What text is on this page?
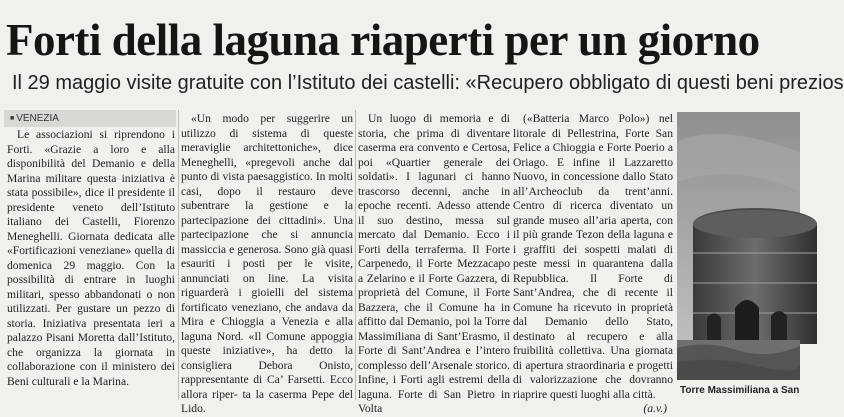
Forti della laguna riaperti per un giorno
Il 29 maggio visite gratuite con l’Istituto dei castelli: «Recupero obbligato di questi beni prezios
■ VENEZIA

Le associazioni si riprendono i Forti. «Grazie a loro e alla disponibilità del Demanio e della Marina militare questa iniziativa è stata possibile», dice il presidente il presidente veneto dell’Istituto italiano dei Castelli, Fiorenzo Meneghelli. Giornata dedicata alle «Fortificazioni veneziane» quella di domenica 29 maggio. Con la possibilità di entrare in luoghi militari, spesso abbandonati o non utilizzati. Per gustare un pezzo di storia. Iniziativa presentata ieri a palazzo Pisani Moretta dall’Istituto, che organizza la giornata in collaborazione con il ministero dei Beni culturali e la Marina.

«Un modo per suggerire un utilizzo di sistema di queste meraviglie architettoniche», dice Meneghelli, «pregevoli anche dal punto di vista paesaggistico. In molti casi, dopo il restauro deve subentrare la gestione e la partecipazione dei cittadini». Una partecipazione che si annuncia massiccia e generosa. Sono già quasi esauriti i posti per le visite, annunciati on line. La visita riguarderà i gioielli del sistema fortificato veneziano, che andava da Mira e Chioggia a Venezia e alla laguna Nord. «Il Comune appoggia queste iniziative», ha detto la consigliera Debora Onisto, rappresentante di Ca’ Farsetti. Ecco allora riper- ta la caserma Pepe del Lido.

Un luogo di memoria e di storia, che prima di diventare caserma era convento e Certosa, poi «Quartier generale dei soldati». I lagunari ci hanno trascorso decenni, anche in epoche recenti. Adesso attende il suo destino, messa sul mercato dal Demanio. Ecco i Forti della terraferma. Il Forte Carpenedo, il Forte Mezzacapo a Zelarino e il Forte Gazzera, di proprietà del Comune, il Forte Bazzera, che il Comune ha in affitto dal Demanio, poi la Torre Massimiliana di Sant’Erasmo, il Forte di Sant’Andrea e l’intero complesso dell’Arsenale storico. Infine, i Forti agli estremi della laguna. Forte di San Pietro in Volta

(«Batteria Marco Polo») nel litorale di Pellestrina, Forte San Felice a Chioggia e Forte Poerio a Oriago. E infine il Lazzaretto Nuovo, in concessione dallo Stato all’Archeoclub da trent’anni. Centro di ricerca diventato un grande museo all’aria aperta, con il più grande Tezon della laguna e i graffiti dei sospetti malati di peste messi in quarantena dalla Repubblica. Il Forte di Sant’Andrea, che di recente il Comune ha ricevuto in proprietà dal Demanio dello Stato, destinato al recupero e alla fruibilità collettiva. Una giornata di apertura straordinaria e progetti di valorizzazione che dovranno riaprire questi luoghi alla città.

(a.v.)
Torre Massimiliana a San
